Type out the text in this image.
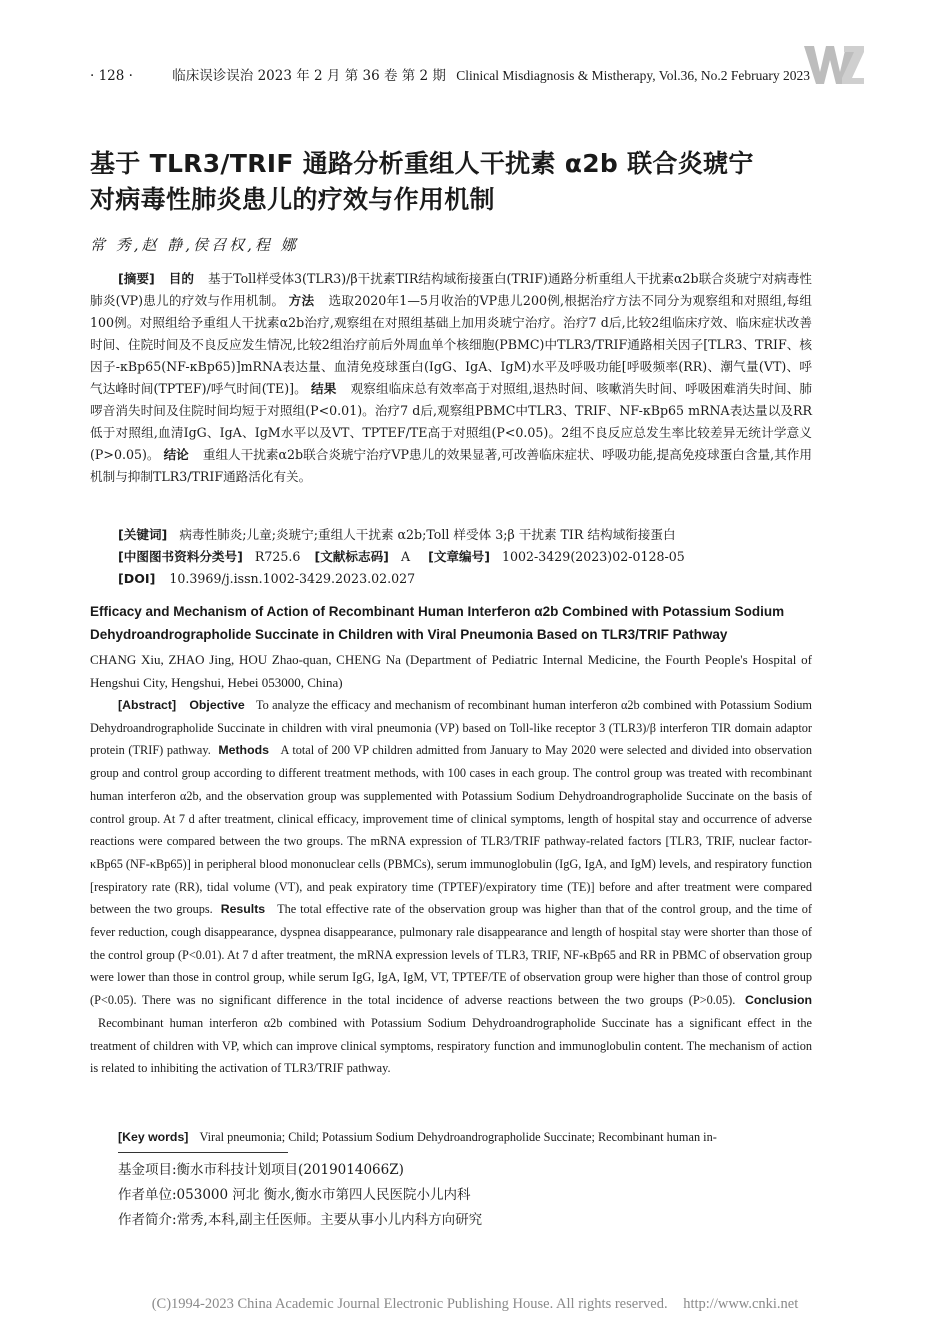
· 128 ·	临床误诊误治 2023 年 2 月 第 36 卷 第 2 期 Clinical Misdiagnosis & Mistherapy, Vol.36, No.2 February 2023
基于 TLR3/TRIF 通路分析重组人干扰素 α2b 联合炎琥宁
对病毒性肺炎患儿的疗效与作用机制
常 秀,赵 静,侯召权,程 娜

[摘要] 目的 基于Toll样受体3(TLR3)/β干扰素TIR结构域衔接蛋白(TRIF)通路分析重组人干扰素α2b联合炎琥宁对病毒性肺炎(VP)患儿的疗效与作用机制。 方法 选取2020年1—5月收治的VP患儿200例,根据治疗方法不同分为观察组和对照组,每组100例。对照组给予重组人干扰素α2b治疗,观察组在对照组基础上加用炎琥宁治疗。治疗7 d后,比较2组临床疗效、临床症状改善时间、住院时间及不良反应发生情况,比较2组治疗前后外周血单个核细胞(PBMC)中TLR3/TRIF通路相关因子[TLR3、TRIF、核因子-κBp65(NF-κBp65)]mRNA表达量、血清免疫球蛋白(IgG、IgA、IgM)水平及呼吸功能[呼吸频率(RR)、潮气量(VT)、呼气达峰时间(TPTEF)/呼气时间(TE)]。 结果 观察组临床总有效率高于对照组,退热时间、咳嗽消失时间、呼吸困难消失时间、肺啰音消失时间及住院时间均短于对照组(P<0.01)。治疗7 d后,观察组PBMC中TLR3、TRIF、NF-κBp65 mRNA表达量以及RR低于对照组,血清IgG、IgA、IgM水平以及VT、TPTEF/TE高于对照组(P<0.05)。2组不良反应总发生率比较差异无统计学意义(P>0.05)。 结论 重组人干扰素α2b联合炎琥宁治疗VP患儿的效果显著,可改善临床症状、呼吸功能,提高免疫球蛋白含量,其作用机制与抑制TLR3/TRIF通路活化有关。

[关键词] 病毒性肺炎;儿童;炎琥宁;重组人干扰素 α2b;Toll 样受体 3;β 干扰素 TIR 结构域衔接蛋白
[中图图书资料分类号] R725.6 [文献标志码] A [文章编号] 1002-3429(2023)02-0128-05
[DOI] 10.3969/j.issn.1002-3429.2023.02.027
Efficacy and Mechanism of Action of Recombinant Human Interferon α2b Combined with Potassium Sodium Dehydroandrographolide Succinate in Children with Viral Pneumonia Based on TLR3/TRIF Pathway
CHANG Xiu, ZHAO Jing, HOU Zhao-quan, CHENG Na (Department of Pediatric Internal Medicine, the Fourth People's Hospital of Hengshui City, Hengshui, Hebei 053000, China)

[Abstract] Objective To analyze the efficacy and mechanism of recombinant human interferon α2b combined with Potassium Sodium Dehydroandrographolide Succinate in children with viral pneumonia (VP) based on Toll-like receptor 3 (TLR3)/β interferon TIR domain adaptor protein (TRIF) pathway. Methods A total of 200 VP children admitted from January to May 2020 were selected and divided into observation group and control group according to different treatment methods, with 100 cases in each group. The control group was treated with recombinant human interferon α2b, and the observation group was supplemented with Potassium Sodium Dehydroandrographolide Succinate on the basis of control group. At 7 d after treatment, clinical efficacy, improvement time of clinical symptoms, length of hospital stay and occurrence of adverse reactions were compared between the two groups. The mRNA expression of TLR3/TRIF pathway-related factors [TLR3, TRIF, nuclear factor-κBp65 (NF-κBp65)] in peripheral blood mononuclear cells (PBMCs), serum immunoglobulin (IgG, IgA, and IgM) levels, and respiratory function [respiratory rate (RR), tidal volume (VT), and peak expiratory time (TPTEF)/expiratory time (TE)] before and after treatment were compared between the two groups. Results The total effective rate of the observation group was higher than that of the control group, and the time of fever reduction, cough disappearance, dyspnea disappearance, pulmonary rale disappearance and length of hospital stay were shorter than those of the control group (P<0.01). At 7 d after treatment, the mRNA expression levels of TLR3, TRIF, NF-κBp65 and RR in PBMC of observation group were lower than those in control group, while serum IgG, IgA, IgM, VT, TPTEF/TE of observation group were higher than those of control group (P<0.05). There was no significant difference in the total incidence of adverse reactions between the two groups (P>0.05). Conclusion Recombinant human interferon α2b combined with Potassium Sodium Dehydroandrographolide Succinate has a significant effect in the treatment of children with VP, which can improve clinical symptoms, respiratory function and immunoglobulin content. The mechanism of action is related to inhibiting the activation of TLR3/TRIF pathway.

[Key words] Viral pneumonia; Child; Potassium Sodium Dehydroandrographolide Succinate; Recombinant human in-
基金项目:衡水市科技计划项目(2019014066Z)
作者单位:053000 河北 衡水,衡水市第四人民医院小儿内科
作者简介:常秀,本科,副主任医师。主要从事小儿内科方向研究
(C)1994-2023 China Academic Journal Electronic Publishing House. All rights reserved. http://www.cnki.net
